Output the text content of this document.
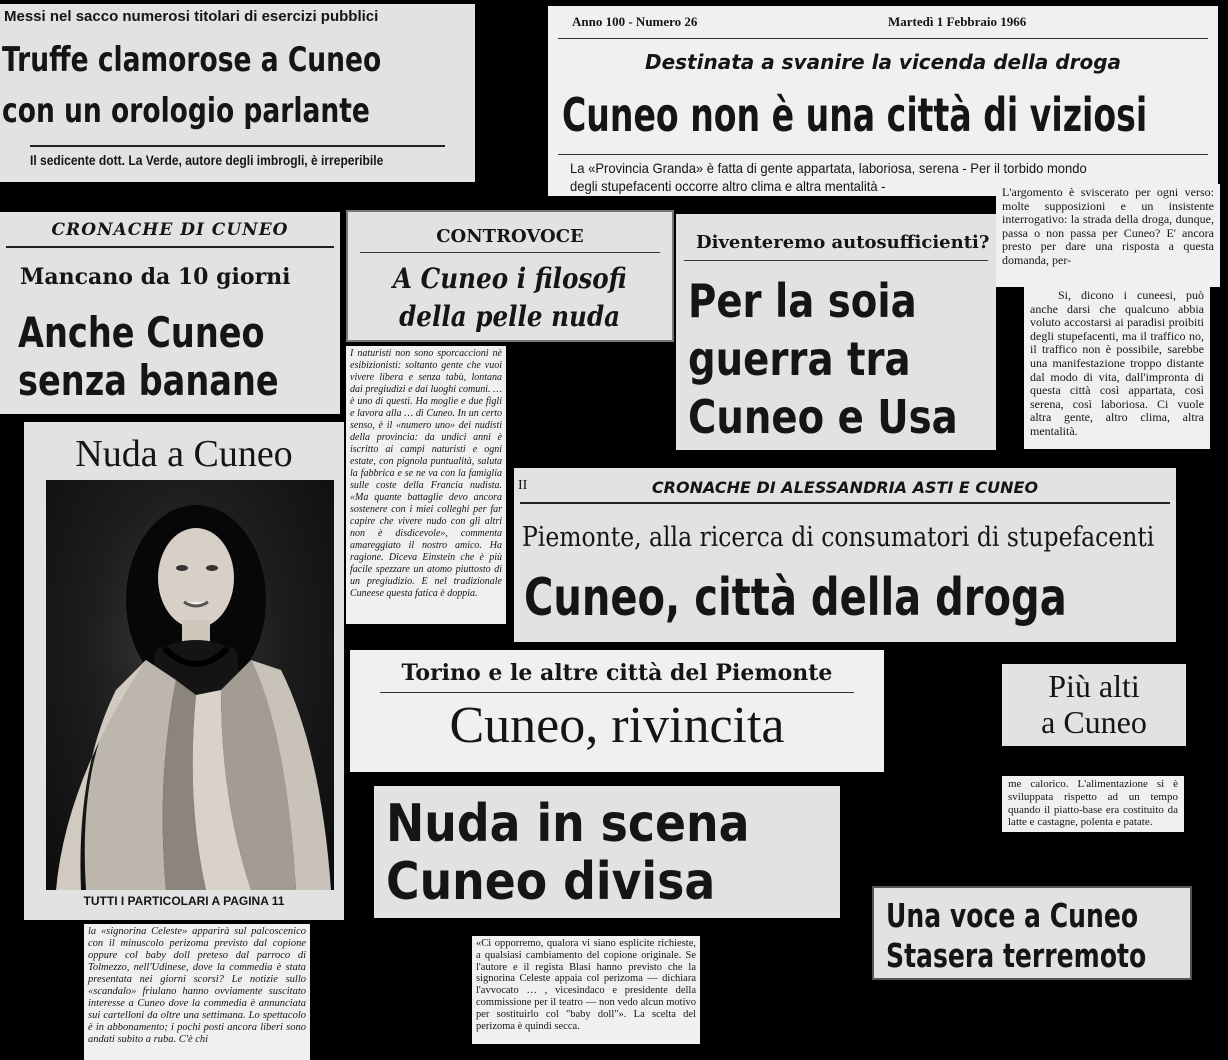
Messi nel sacco numerosi titolari di esercizi pubblici
Truffe clamorose a Cuneo
con un orologio parlante
Il sedicente dott. La Verde, autore degli imbrogli, è irreperibile
Anno 100 - Numero 26	Martedì 1 Febbraio 1966
Destinata a svanire la vicenda della droga
Cuneo non è una città di viziosi
La «Provincia Granda» è fatta di gente appartata, laboriosa, serena - Per il torbido mondo
degli stupefacenti occorre altro clima e altra mentalità -	L'argomento è sviscerato per ogni verso: molte supposizioni e un insistente interrogativo: la strada della droga, dunque, passa o non passa per Cuneo? E' ancora presto per dare una risposta a questa domanda, per-
Si, dicono i cuneesi, può anche darsi che qualcuno abbia voluto accostarsi ai paradisi proibiti degli stupefacenti, ma il traffico no, il traffico non è possibile, sarebbe una manifestazione troppo distante dal modo di vita, dall'impronta di questa città così appartata, così serena, così laboriosa. Ci vuole altra gente, altro clima, altra mentalità.
CRONACHE DI CUNEO
Mancano da 10 giorni
Anche Cuneo
senza banane
CONTROVOCE
A Cuneo i filosofi
della pelle nuda
I naturisti non sono sporcaccioni nè esibizionisti: soltanto gente che vuoi vivere libera e senza tabù, lontana dai pregiudizi e dai luoghi comuni. … è uno di questi. Ha moglie e due figli e lavora alla … di Cuneo. In un certo senso, è il «numero uno» dei nudisti della provincia: da undici anni è iscritto ai campi naturisti e ogni estate, con pignola puntualità, saluta la fabbrica e se ne va con la famiglia sulle coste della Francia nudista. «Ma quante battaglie devo ancora sostenere con i miei colleghi per far capire che vivere nudo con gli altri non è disdicevole», commenta amareggiato il nostro amico. Ha ragione. Diceva Einstein che è più facile spezzare un atomo piuttosto di un pregiudizio. E nel tradizionale Cuneese questa fatica è doppia.
Diventeremo autosufficienti?
Per la soia
guerra tra
Cuneo e Usa
Nuda a Cuneo
TUTTI I PARTICOLARI A PAGINA 11
la «signorina Celeste» apparirà sul palcoscenico con il minuscolo perizoma previsto dal copione oppure col baby doll preteso dal parroco di Tolmezzo, nell'Udinese, dove la commedia è stata presentata nei giorni scorsi? Le notizie sullo «scandalo» friulano hanno ovviamente suscitato interesse a Cuneo dove la commedia è annunciata sui cartelloni da oltre una settimana. Lo spettacolo è in abbonamento; i pochi posti ancora liberi sono andati subito a ruba. C'è chi
II	CRONACHE DI ALESSANDRIA ASTI E CUNEO
Piemonte, alla ricerca di consumatori di stupefacenti
Cuneo, città della droga
Torino e le altre città del Piemonte
Cuneo, rivincita
Più alti
a Cuneo
me calorico. L'alimentazione si è sviluppata rispetto ad un tempo quando il piatto-base era costituito da latte e castagne, polenta e patate.
Nuda in scena
Cuneo divisa
«Ci opporremo, qualora vi siano esplicite richieste, a qualsiasi cambiamento del copione originale. Se l'autore e il regista Blasi hanno previsto che la signorina Celeste appaia col perizoma — dichiara l'avvocato … , vicesindaco e presidente della commissione per il teatro — non vedo alcun motivo per sostituirlo col "baby doll"». La scelta del perizoma è quindi secca.
Una voce a Cuneo
Stasera terremoto
